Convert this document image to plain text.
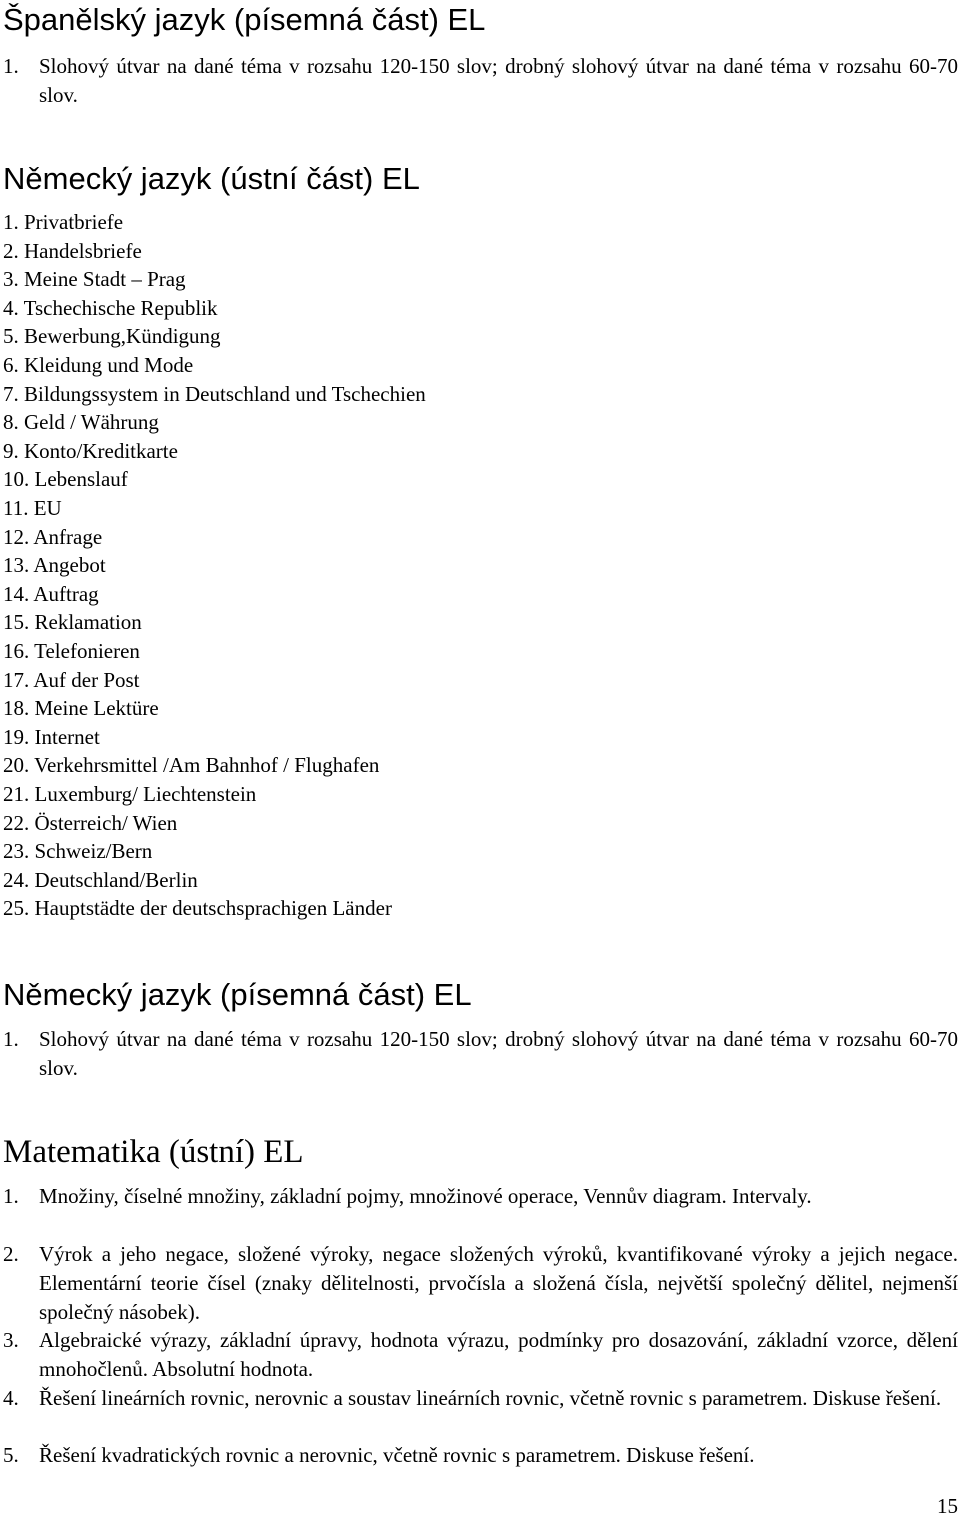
Španělský jazyk (písemná část) EL
1. Slohový útvar na dané téma v rozsahu 120-150 slov; drobný slohový útvar na dané téma v rozsahu 60-70 slov.
Německý jazyk (ústní část) EL
1. Privatbriefe
2. Handelsbriefe
3. Meine Stadt – Prag
4. Tschechische Republik
5. Bewerbung,Kündigung
6. Kleidung und Mode
7. Bildungssystem in Deutschland und Tschechien
8. Geld / Währung
9. Konto/Kreditkarte
10. Lebenslauf
11. EU
12. Anfrage
13. Angebot
14. Auftrag
15. Reklamation
16. Telefonieren
17. Auf der Post
18. Meine Lektüre
19. Internet
20. Verkehrsmittel /Am Bahnhof / Flughafen
21. Luxemburg/ Liechtenstein
22. Österreich/ Wien
23. Schweiz/Bern
24. Deutschland/Berlin
25. Hauptstädte der deutschsprachigen Länder
Německý jazyk (písemná část) EL
1. Slohový útvar na dané téma v rozsahu 120-150 slov; drobný slohový útvar na dané téma v rozsahu 60-70 slov.
Matematika (ústní) EL
1. Množiny, číselné množiny, základní pojmy, množinové operace, Vennův diagram. Intervaly.
2. Výrok a jeho negace, složené výroky, negace složených výroků, kvantifikované výroky a jejich negace. Elementární teorie čísel (znaky dělitelnosti, prvočísla a složená čísla, největší společný dělitel, nejmenší společný násobek).
3. Algebraické výrazy, základní úpravy, hodnota výrazu, podmínky pro dosazování, základní vzorce, dělení mnohočlenů. Absolutní hodnota.
4. Řešení lineárních rovnic, nerovnic a soustav lineárních rovnic, včetně rovnic s parametrem. Diskuse řešení.
5. Řešení kvadratických rovnic a nerovnic, včetně rovnic s parametrem. Diskuse řešení.
15
